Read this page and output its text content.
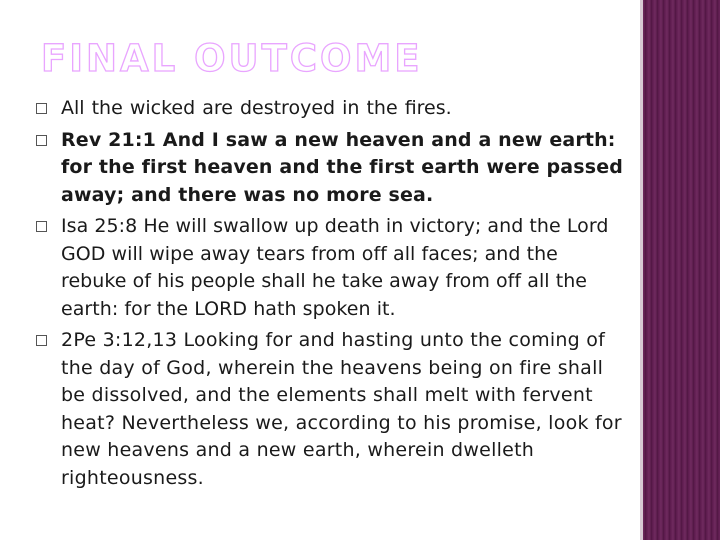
FINAL OUTCOME
All the wicked are destroyed in the fires.
Rev 21:1 And I saw a new heaven and a new earth: for the first heaven and the first earth were passed away; and there was no more sea.
Isa 25:8 He will swallow up death in victory; and the Lord GOD will wipe away tears from off all faces; and the rebuke of his people shall he take away from off all the earth: for the LORD hath spoken it.
2Pe 3:12,13 Looking for and hasting unto the coming of the day of God, wherein the heavens being on fire shall be dissolved, and the elements shall melt with fervent heat? Nevertheless we, according to his promise, look for new heavens and a new earth, wherein dwelleth righteousness.
